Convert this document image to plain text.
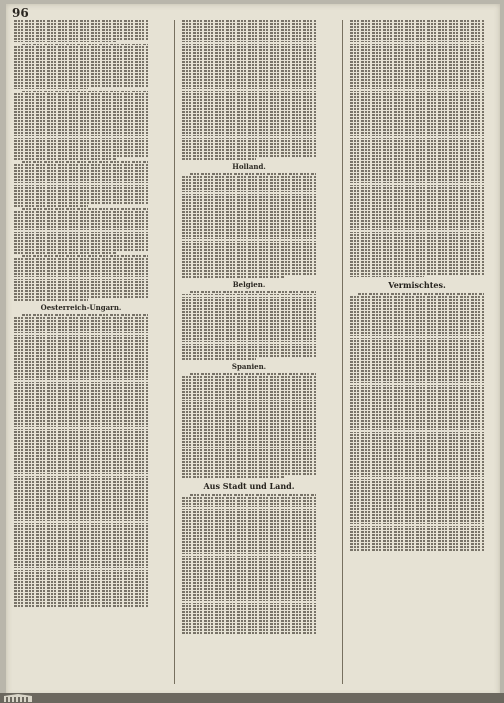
96
Oesterreich-Ungarn.
Holland.
Belgien.
Spanien.
Aus Stadt und Land.
Vermischtes.
